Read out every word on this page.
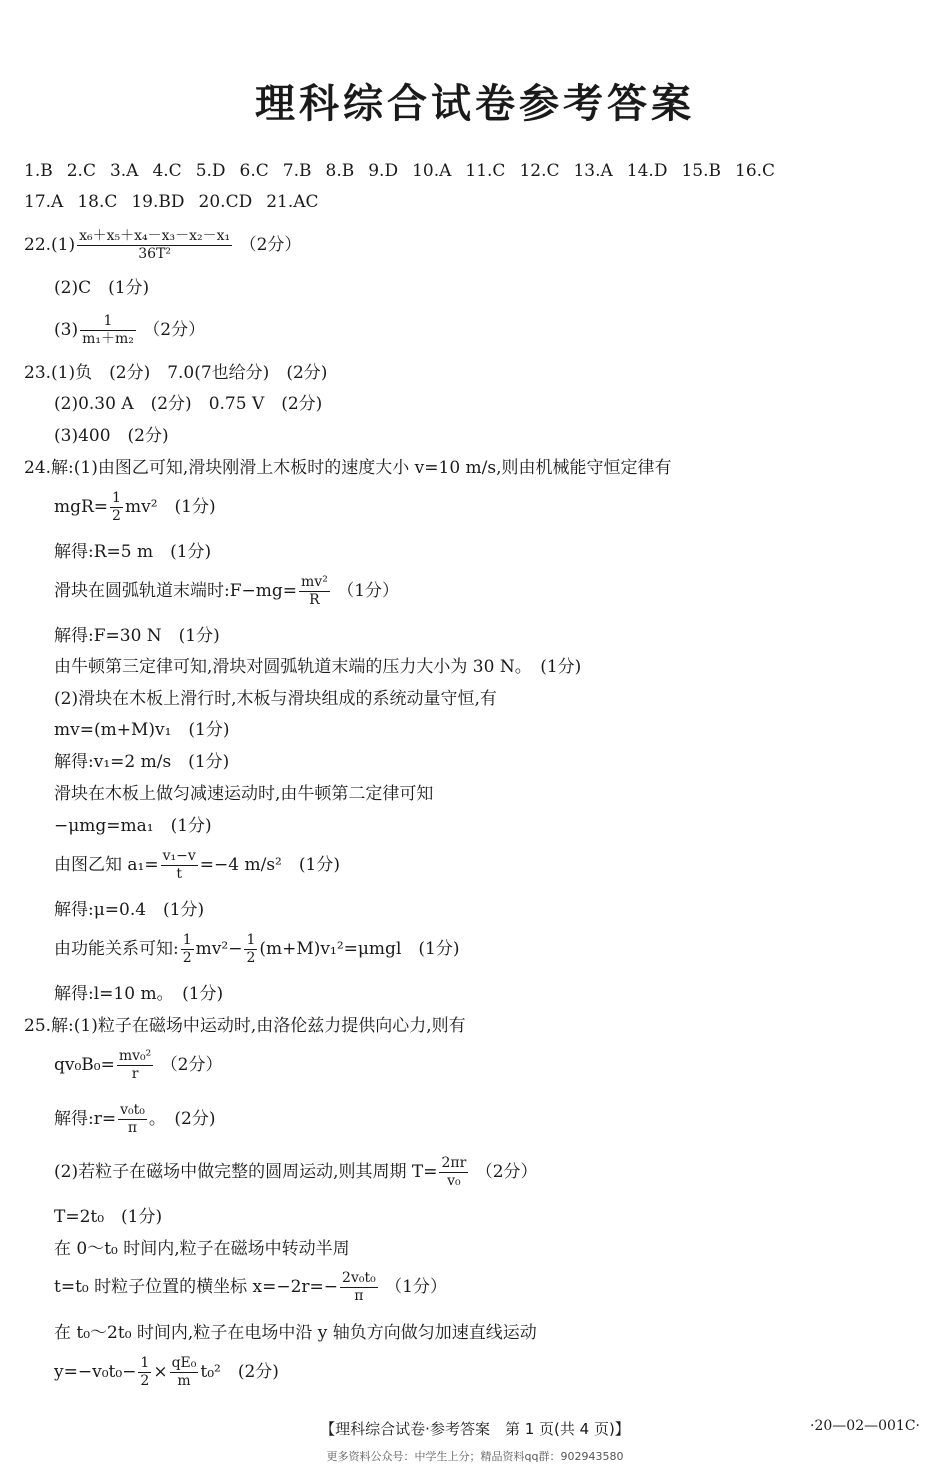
理科综合试卷参考答案
1.B 2.C 3.A 4.C 5.D 6.C 7.B 8.B 9.D 10.A 11.C 12.C 13.A 14.D 15.B 16.C
17.A 18.C 19.BD 20.CD 21.AC
$22.(1) \frac{\text{x₆＋x₅＋x₄－x₃－x₂－x₁}}{\text{36T²}} (2$分）
(2)C　(1分)
$(3) \frac{1}{\text{m₁＋m₂}} (2$分）
23.(1)负　(2分)　7.0(7也给分)　(2分)
(2)0.30 A　(2分)　0.75 V　(2分)
(3)400　(2分)
24.解:(1)由图乙可知,滑块刚滑上木板时的速度大小 v=10 m/s,则由机械能守恒定律有
$mgR= \frac{1}{2} mv^2$　(1分)
解得:R=5 m　(1分)
滑块在圆弧轨道末端时:F−mg= $\frac{\text{mv²}}{R} (1$分）
解得:F=30 N　(1分)
由牛顿第三定律可知,滑块对圆弧轨道末端的压力大小为 30 N。　(1分)
(2)滑块在木板上滑行时,木板与滑块组成的系统动量守恒,有
mv=(m+M)v₁　(1分)
解得:v₁=2 m/s　(1分)
滑块在木板上做匀减速运动时,由牛顿第二定律可知
−μmg=ma₁　(1分)
由图乙知 $a_1= \frac{\text{v₁−v}}{t} =-4$ m/s²　(1分)
解得:μ=0.4　(1分)
由功能关系可知: $\frac{1}{2} mv^2- \frac{1}{2} (m+M)v_1^2=\mu mgl$　(1分)
解得:l=10 m。　(1分)
25.解:(1)粒子在磁场中运动时,由洛伦兹力提供向心力,则有
$qv_0B_0= \frac{\text{mv₀²}}{r} (2$分）
解得:r= $\frac{\text{v₀t₀}}{\pi}$ 。　(2分)
(2)若粒子在磁场中做完整的圆周运动,则其周期 $T= \frac{2\pi r}{\text{v₀}} (2$分）
T=2t₀　(1分)
在 0～t₀ 时间内,粒子在磁场中转动半周
t=t₀ 时粒子位置的横坐标 $x=-2r=- \frac{\text{2v₀t₀}}{\pi} (1$分）
在 t₀～2t₀ 时间内,粒子在电场中沿 y 轴负方向做匀加速直线运动
$y=-v_0t_0- \frac{1}{2} \times \frac{\text{qE₀}}{m} t_0^2$　(2分)
【理科综合试卷·参考答案　第 1 页(共 4 页)】	·20—02—001C·
更多资料公众号：中学生上分；精品资料qq群：902943580
